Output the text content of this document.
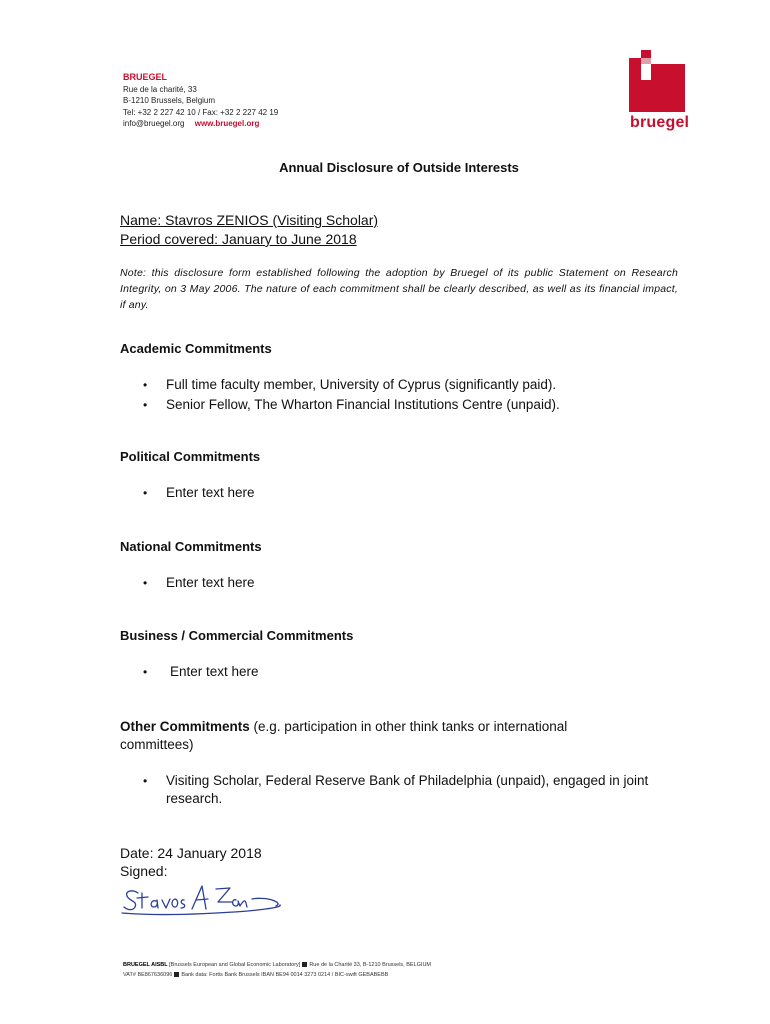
BRUEGEL
Rue de la charité, 33
B-1210 Brussels, Belgium
Tel: +32 2 227 42 10 / Fax: +32 2 227 42 19
info@bruegel.org www.bruegel.org	bruegel
Annual Disclosure of Outside Interests
Name: Stavros ZENIOS (Visiting Scholar)
Period covered: January to June 2018
Note: this disclosure form established following the adoption by Bruegel of its public Statement on Research Integrity, on 3 May 2006. The nature of each commitment shall be clearly described, as well as its financial impact, if any.
Academic Commitments
• Full time faculty member, University of Cyprus (significantly paid).
• Senior Fellow, The Wharton Financial Institutions Centre (unpaid).
Political Commitments
• Enter text here
National Commitments
• Enter text here
Business / Commercial Commitments
• Enter text here
Other Commitments (e.g. participation in other think tanks or international committees)
•	Visiting Scholar, Federal Reserve Bank of Philadelphia (unpaid), engaged in joint research.
Date: 24 January 2018
Signed:
BRUEGEL AISBL [Brussels European and Global Economic Laboratory] Rue de la Charité 33, B-1210 Brussels, BELGIUM
VAT# BE867636096 Bank data: Fortis Bank Brussels IBAN BE94 0014 3273 0214 / BIC-swift GEBABEBB
